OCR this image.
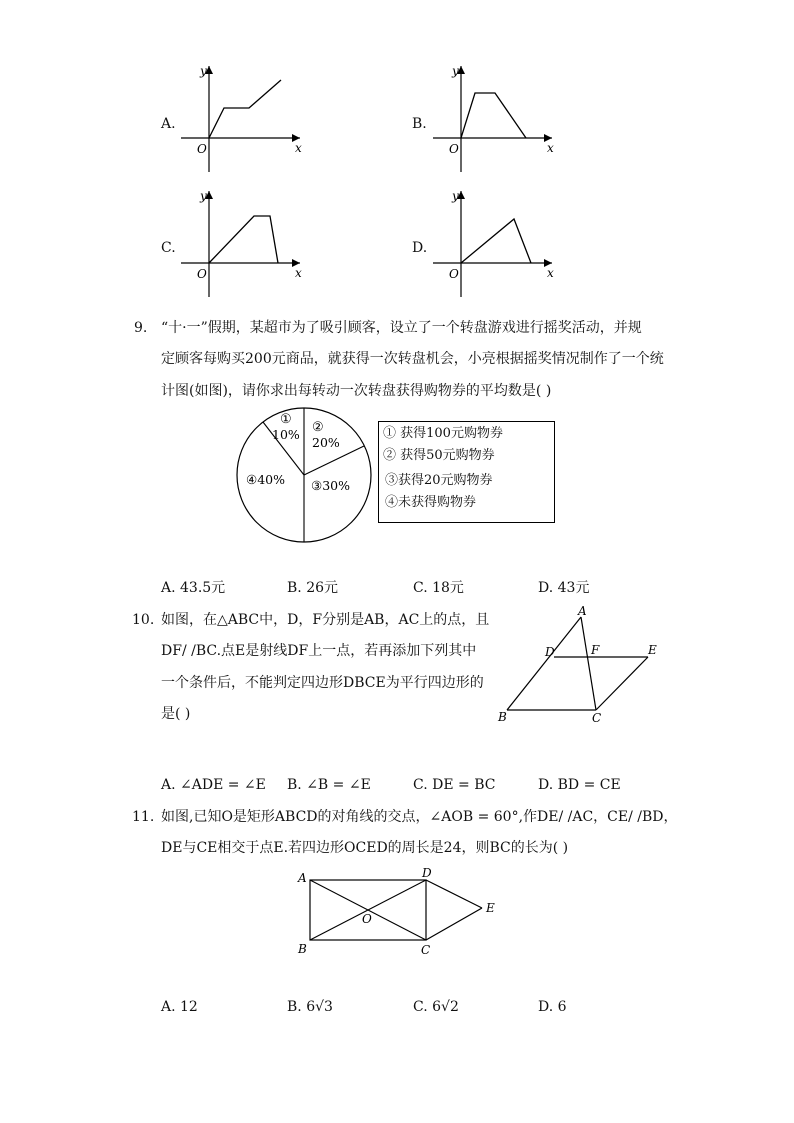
A.
y
x
O
B.
y
x
O
C.
y
x
O
D.
y
x
O
9. “十·一”假期，某超市为了吸引顾客，设立了一个转盘游戏进行摇奖活动，并规
定顾客每购买200元商品，就获得一次转盘机会，小亮根据摇奖情况制作了一个统
计图(如图)，请你求出每转动一次转盘获得购物券的平均数是( )
①
10% ②
20%
③30%
④40%
① 获得100元购物券
② 获得50元购物券
③获得20元购物券
④未获得购物券
A. 43.5元	B. 26元	C. 18元	D. 43元
10. 如图，在△ABC中，D，F分别是AB，AC上的点，且
DF/ /BC.点E是射线DF上一点，若再添加下列其中
一个条件后，不能判定四边形DBCE为平行四边形的
是( )
A
D	F	E
B	C
A. ∠ADE = ∠E B. ∠B = ∠E	C. DE = BC	D. BD = CE
11. 如图,已知O是矩形ABCD的对角线的交点，∠AOB = 60°,作DE/ /AC，CE/ /BD，
DE与CE相交于点E.若四边形OCED的周长是24，则BC的长为( )
A	D
E
O
B	C
A. 12	B. 6√3	C. 6√2	D. 6
